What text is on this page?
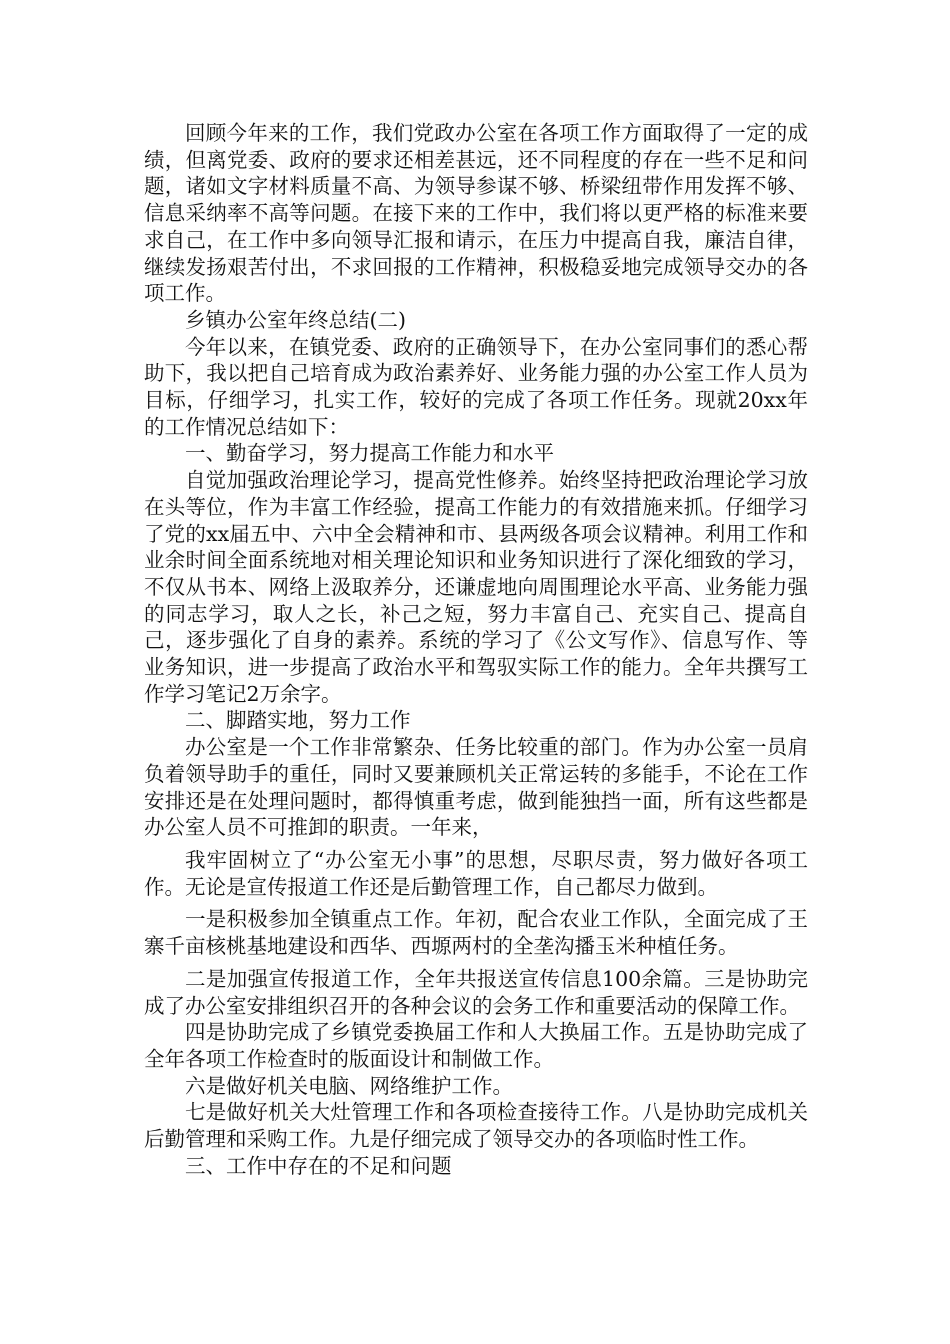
回顾今年来的工作，我们党政办公室在各项工作方面取得了一定的成绩，但离党委、政府的要求还相差甚远，还不同程度的存在一些不足和问题，诸如文字材料质量不高、为领导参谋不够、桥梁纽带作用发挥不够、信息采纳率不高等问题。在接下来的工作中，我们将以更严格的标准来要求自己，在工作中多向领导汇报和请示，在压力中提高自我，廉洁自律，继续发扬艰苦付出，不求回报的工作精神，积极稳妥地完成领导交办的各项工作。

乡镇办公室年终总结(二)

今年以来，在镇党委、政府的正确领导下，在办公室同事们的悉心帮助下，我以把自己培育成为政治素养好、业务能力强的办公室工作人员为目标，仔细学习，扎实工作，较好的完成了各项工作任务。现就20xx年的工作情况总结如下：

一、勤奋学习，努力提高工作能力和水平

自觉加强政治理论学习，提高党性修养。始终坚持把政治理论学习放在头等位，作为丰富工作经验，提高工作能力的有效措施来抓。仔细学习了党的xx届五中、六中全会精神和市、县两级各项会议精神。利用工作和业余时间全面系统地对相关理论知识和业务知识进行了深化细致的学习，不仅从书本、网络上汲取养分，还谦虚地向周围理论水平高、业务能力强的同志学习，取人之长，补己之短，努力丰富自己、充实自己、提高自己，逐步强化了自身的素养。系统的学习了《公文写作》、信息写作、等业务知识，进一步提高了政治水平和驾驭实际工作的能力。全年共撰写工作学习笔记2万余字。

二、脚踏实地，努力工作

办公室是一个工作非常繁杂、任务比较重的部门。作为办公室一员肩负着领导助手的重任，同时又要兼顾机关正常运转的多能手，不论在工作安排还是在处理问题时，都得慎重考虑，做到能独挡一面，所有这些都是办公室人员不可推卸的职责。一年来，

我牢固树立了“办公室无小事”的思想，尽职尽责，努力做好各项工作。无论是宣传报道工作还是后勤管理工作，自己都尽力做到。

一是积极参加全镇重点工作。年初，配合农业工作队，全面完成了王寨千亩核桃基地建设和西华、西塬两村的全垄沟播玉米种植任务。

二是加强宣传报道工作，全年共报送宣传信息100余篇。三是协助完成了办公室安排组织召开的各种会议的会务工作和重要活动的保障工作。

四是协助完成了乡镇党委换届工作和人大换届工作。五是协助完成了全年各项工作检查时的版面设计和制做工作。

六是做好机关电脑、网络维护工作。

七是做好机关大灶管理工作和各项检查接待工作。八是协助完成机关后勤管理和采购工作。九是仔细完成了领导交办的各项临时性工作。

三、工作中存在的不足和问题
